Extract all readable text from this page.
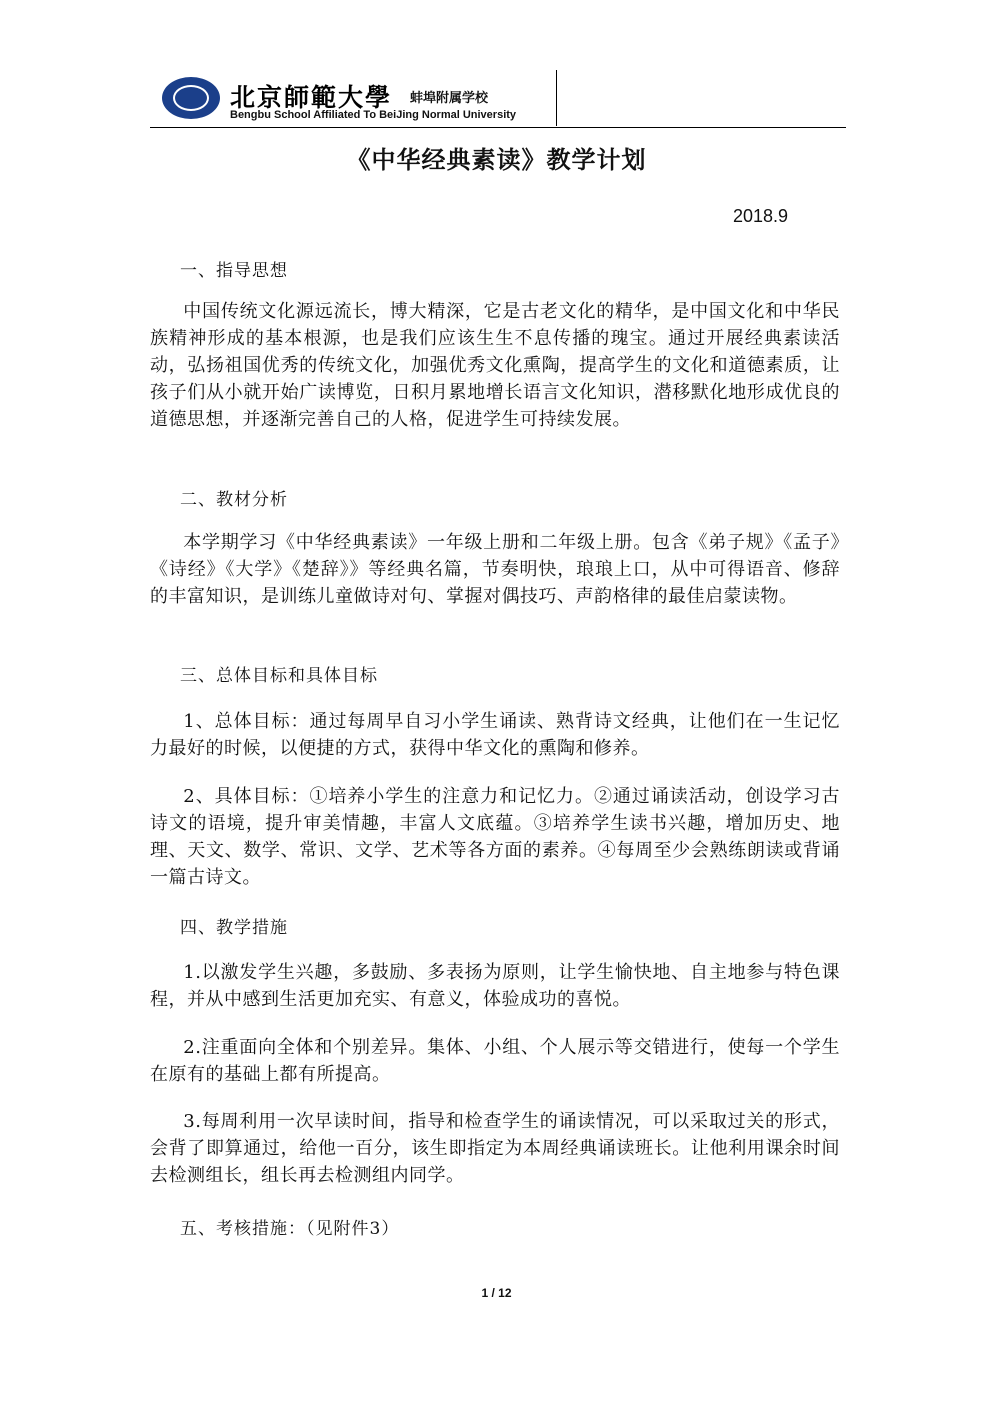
北京師範大學 蚌埠附属学校
Bengbu School Affiliated To BeiJing Normal University
《中华经典素读》教学计划
2018.9
一、指导思想
中国传统文化源远流长，博大精深，它是古老文化的精华，是中国文化和中华民族精神形成的基本根源，也是我们应该生生不息传播的瑰宝。通过开展经典素读活动，弘扬祖国优秀的传统文化，加强优秀文化熏陶，提高学生的文化和道德素质，让孩子们从小就开始广读博览，日积月累地增长语言文化知识，潜移默化地形成优良的道德思想，并逐渐完善自己的人格，促进学生可持续发展。
二、教材分析
本学期学习《中华经典素读》一年级上册和二年级上册。包含《弟子规》《孟子》《诗经》《大学》《楚辞》》等经典名篇，节奏明快，琅琅上口，从中可得语音、修辞的丰富知识，是训练儿童做诗对句、掌握对偶技巧、声韵格律的最佳启蒙读物。
三、总体目标和具体目标
1、总体目标：通过每周早自习小学生诵读、熟背诗文经典，让他们在一生记忆力最好的时候，以便捷的方式，获得中华文化的熏陶和修养。
2、具体目标：①培养小学生的注意力和记忆力。②通过诵读活动，创设学习古诗文的语境，提升审美情趣，丰富人文底蕴。③培养学生读书兴趣，增加历史、地理、天文、数学、常识、文学、艺术等各方面的素养。④每周至少会熟练朗读或背诵一篇古诗文。
四、教学措施
1.以激发学生兴趣，多鼓励、多表扬为原则，让学生愉快地、自主地参与特色课程，并从中感到生活更加充实、有意义，体验成功的喜悦。
2.注重面向全体和个别差异。集体、小组、个人展示等交错进行，使每一个学生在原有的基础上都有所提高。
3.每周利用一次早读时间，指导和检查学生的诵读情况，可以采取过关的形式，会背了即算通过，给他一百分，该生即指定为本周经典诵读班长。让他利用课余时间去检测组长，组长再去检测组内同学。
五、考核措施：（见附件3）
1 / 12
